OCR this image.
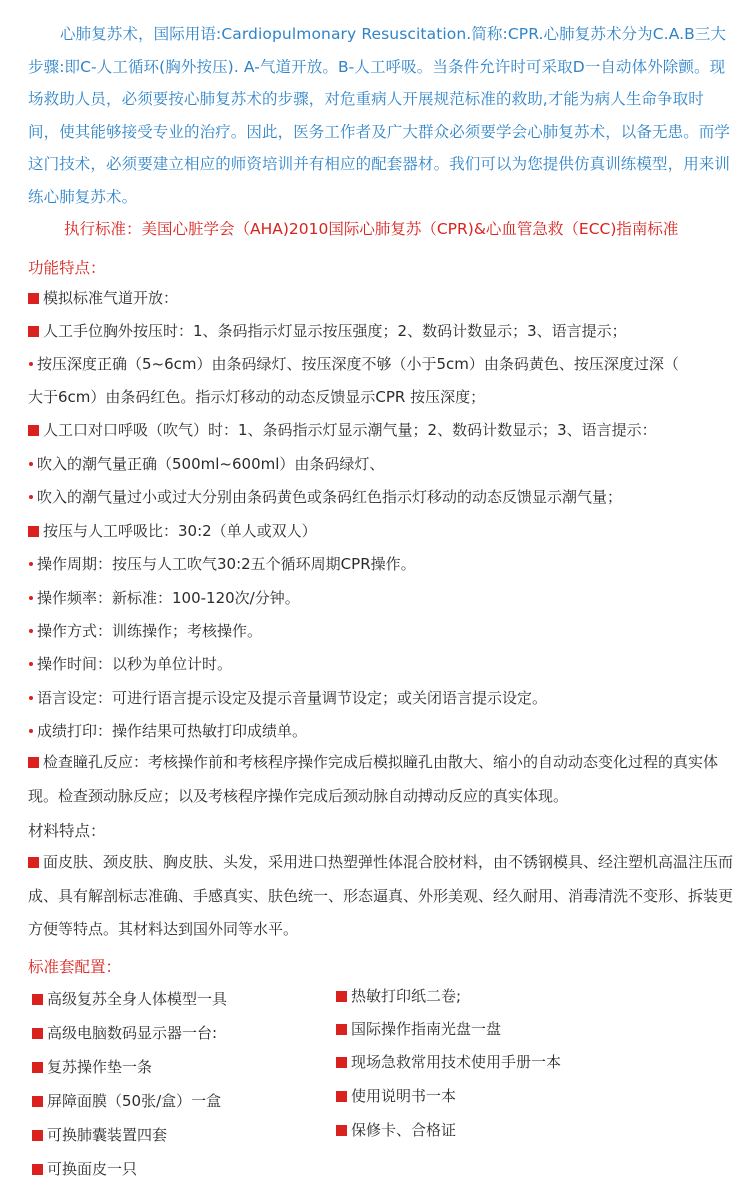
心肺复苏术，国际用语:Cardiopulmonary Resuscitation.简称:CPR.心肺复苏术分为C.A.B三大步骤:即C-人工循环(胸外按压). A-气道开放。B-人工呼吸。当条件允许时可采取D一自动体外除颤。现场救助人员，必须要按心肺复苏术的步骤，对危重病人开展规范标准的救助,才能为病人生命争取时间，使其能够接受专业的治疗。因此，医务工作者及广大群众必须要学会心肺复苏术，以备无患。而学这门技术，必须要建立相应的师资培训并有相应的配套器材。我们可以为您提供仿真训练模型，用来训练心肺复苏术。

执行标准：美国心脏学会（AHA)2010国际心肺复苏（CPR)&心血管急救（ECC)指南标准
功能特点：
模拟标准气道开放：
人工手位胸外按压时：1、条码指示灯显示按压强度；2、数码计数显示；3、语言提示；
按压深度正确（5~6cm）由条码绿灯、按压深度不够（小于5cm）由条码黄色、按压深度过深（
大于6cm）由条码红色。指示灯移动的动态反馈显示CPR 按压深度；
人工口对口呼吸（吹气）时：1、条码指示灯显示潮气量；2、数码计数显示；3、语言提示：
吹入的潮气量正确（500ml~600ml）由条码绿灯、
吹入的潮气量过小或过大分别由条码黄色或条码红色指示灯移动的动态反馈显示潮气量；
按压与人工呼吸比：30:2（单人或双人）
操作周期：按压与人工吹气30:2五个循环周期CPR操作。
操作频率：新标准：100-120次/分钟。
操作方式：训练操作；考核操作。
操作时间：以秒为单位计时。
语言设定：可进行语言提示设定及提示音量调节设定；或关闭语言提示设定。
成绩打印：操作结果可热敏打印成绩单。

检查瞳孔反应：考核操作前和考核程序操作完成后模拟瞳孔由散大、缩小的自动动态变化过程的真实体现。检查颈动脉反应；以及考核程序操作完成后颈动脉自动搏动反应的真实体现。

材料特点：

面皮肤、颈皮肤、胸皮肤、头发，采用进口热塑弹性体混合胶材料，由不锈钢模具、经注塑机高温注压而成、具有解剖标志准确、手感真实、肤色统一、形态逼真、外形美观、经久耐用、消毒清洗不变形、拆装更方便等特点。其材料达到国外同等水平。

标准套配置：
高级复苏全身人体模型一具
高级电脑数码显示器一台:
复苏操作垫一条
屏障面膜（50张/盒）一盒
可换肺囊装置四套
可换面皮一只
热敏打印纸二卷;
国际操作指南光盘一盘
现场急救常用技术使用手册一本
使用说明书一本
保修卡、合格证
